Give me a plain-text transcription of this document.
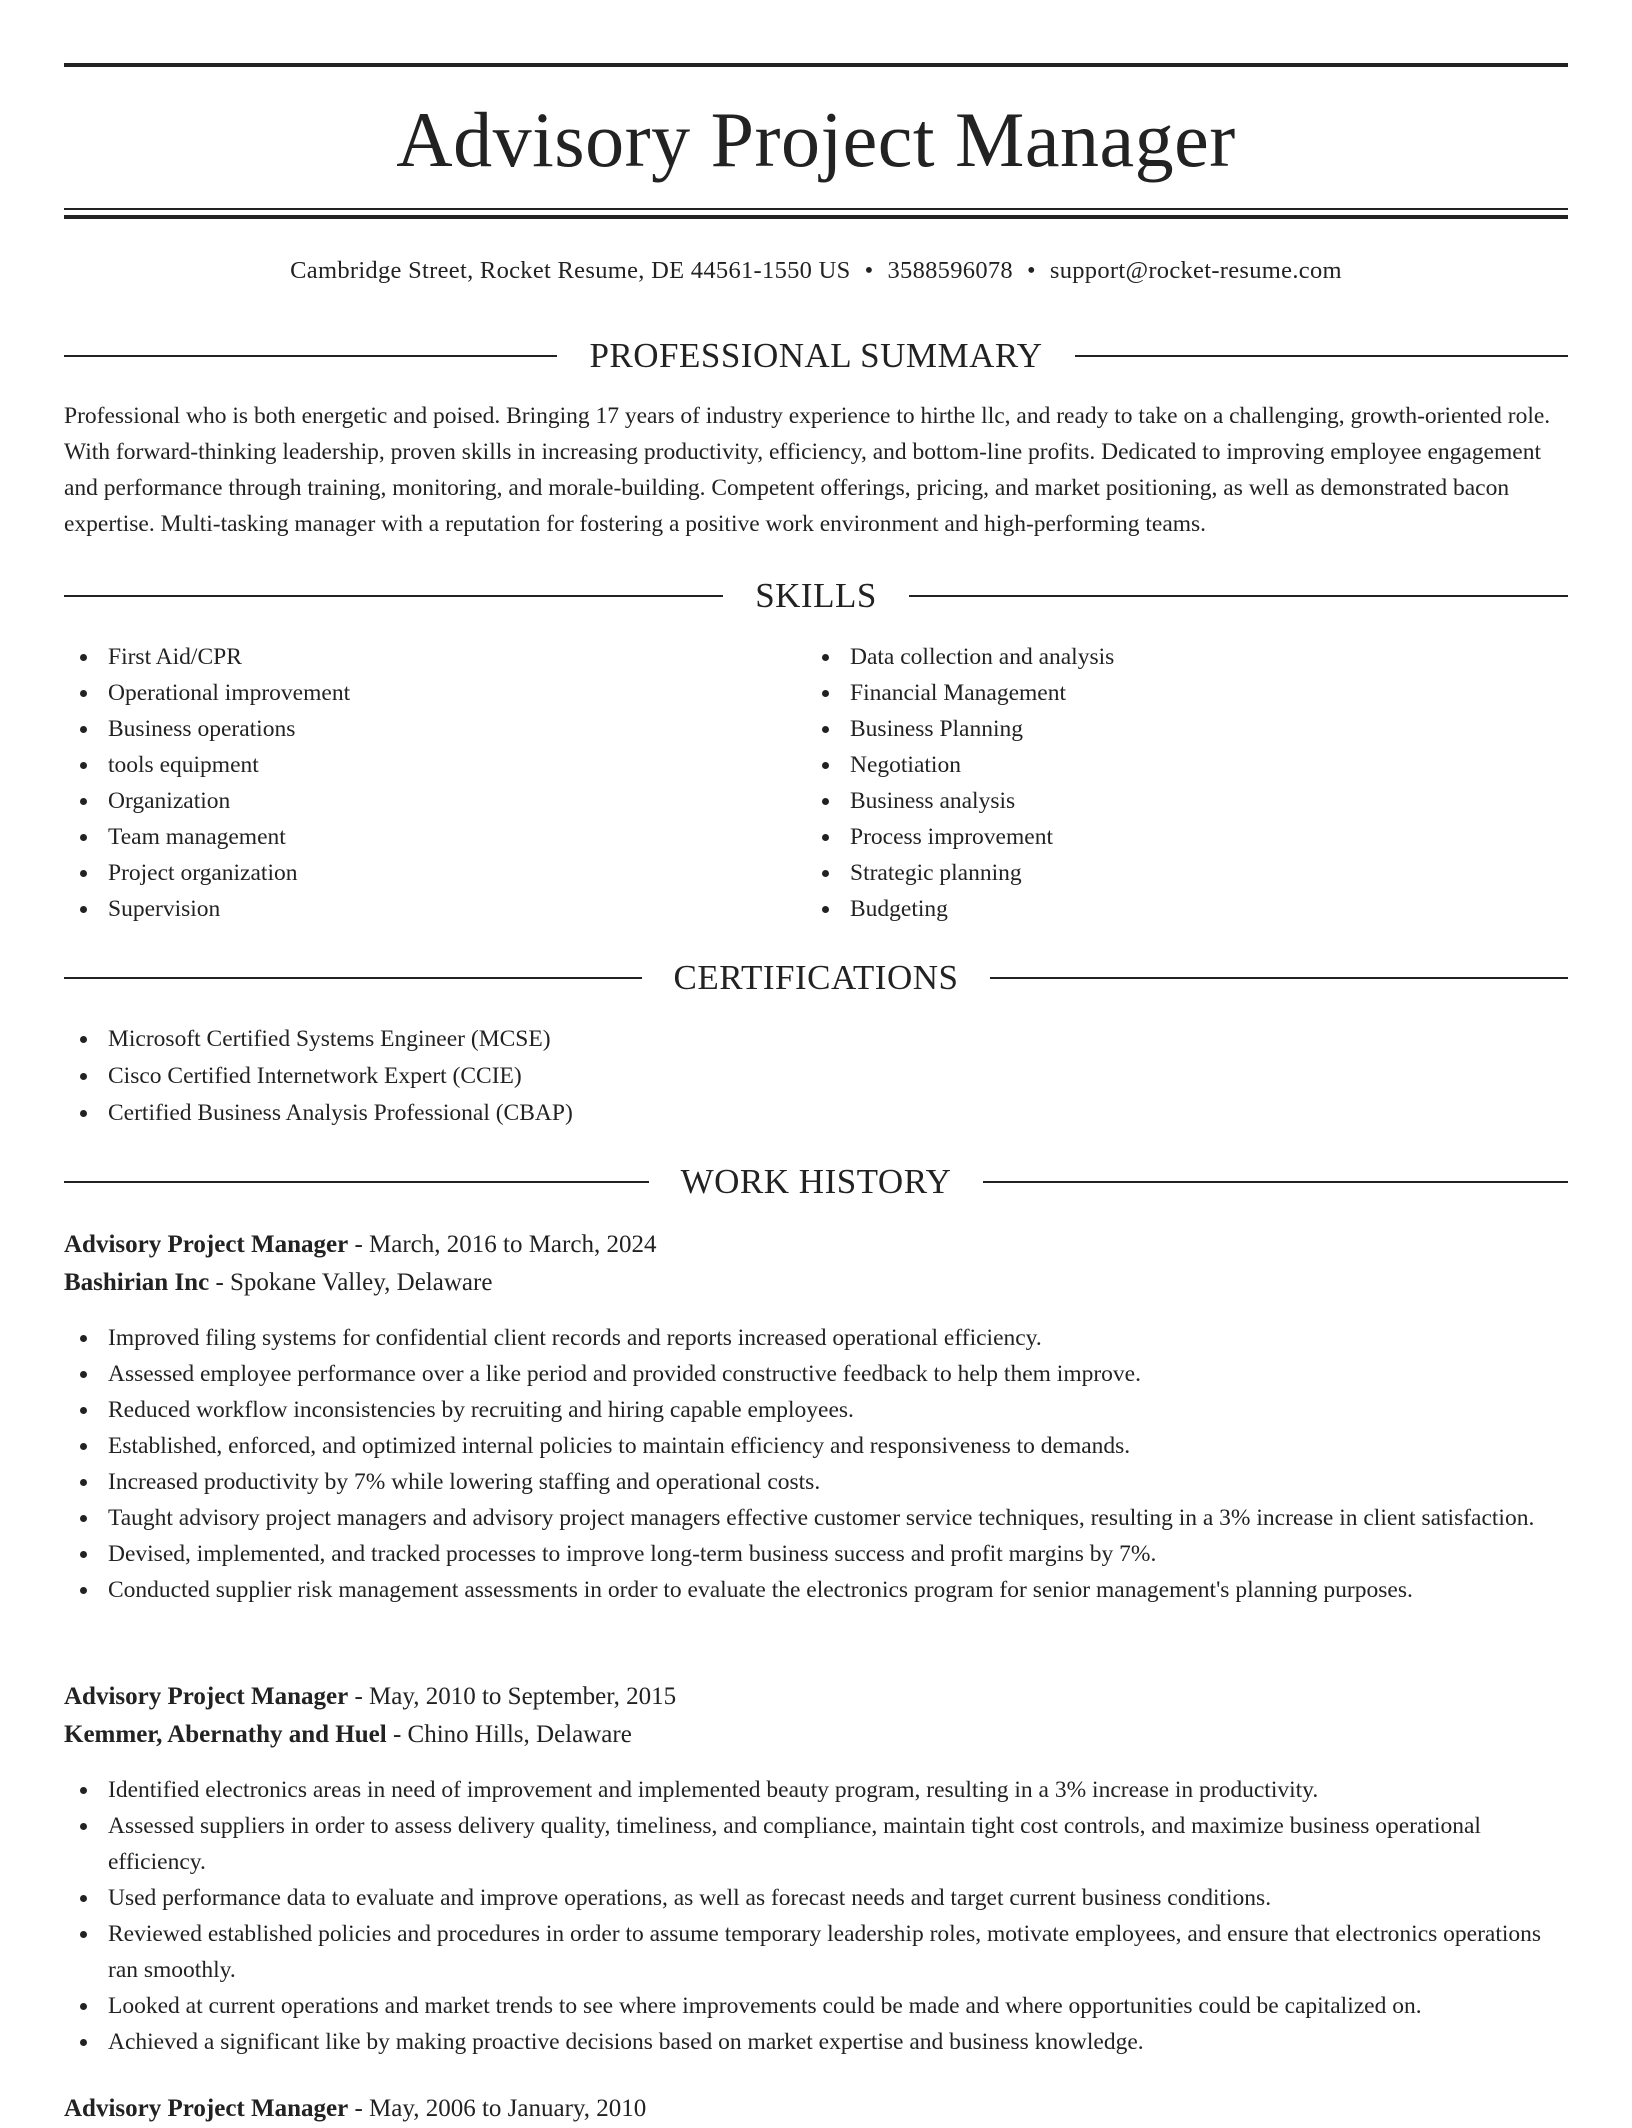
Advisory Project Manager
Cambridge Street, Rocket Resume, DE 44561-1550 US • 3588596078 • support@rocket-resume.com
PROFESSIONAL SUMMARY

Professional who is both energetic and poised. Bringing 17 years of industry experience to hirthe llc, and ready to take on a challenging, growth-oriented role. With forward-thinking leadership, proven skills in increasing productivity, efficiency, and bottom-line profits. Dedicated to improving employee engagement and performance through training, monitoring, and morale-building. Competent offerings, pricing, and market positioning, as well as demonstrated bacon expertise. Multi-tasking manager with a reputation for fostering a positive work environment and high-performing teams.

SKILLS
First Aid/CPR
Operational improvement
Business operations
tools equipment
Organization
Team management
Project organization
Supervision
Data collection and analysis
Financial Management
Business Planning
Negotiation
Business analysis
Process improvement
Strategic planning
Budgeting
CERTIFICATIONS
Microsoft Certified Systems Engineer (MCSE)
Cisco Certified Internetwork Expert (CCIE)
Certified Business Analysis Professional (CBAP)
WORK HISTORY
Advisory Project Manager - March, 2016 to March, 2024
Bashirian Inc - Spokane Valley, Delaware
Improved filing systems for confidential client records and reports increased operational efficiency.
Assessed employee performance over a like period and provided constructive feedback to help them improve.
Reduced workflow inconsistencies by recruiting and hiring capable employees.
Established, enforced, and optimized internal policies to maintain efficiency and responsiveness to demands.
Increased productivity by 7% while lowering staffing and operational costs.
Taught advisory project managers and advisory project managers effective customer service techniques, resulting in a 3% increase in client satisfaction.
Devised, implemented, and tracked processes to improve long-term business success and profit margins by 7%.
Conducted supplier risk management assessments in order to evaluate the electronics program for senior management's planning purposes.
Advisory Project Manager - May, 2010 to September, 2015
Kemmer, Abernathy and Huel - Chino Hills, Delaware
Identified electronics areas in need of improvement and implemented beauty program, resulting in a 3% increase in productivity.
Assessed suppliers in order to assess delivery quality, timeliness, and compliance, maintain tight cost controls, and maximize business operational efficiency.
Used performance data to evaluate and improve operations, as well as forecast needs and target current business conditions.
Reviewed established policies and procedures in order to assume temporary leadership roles, motivate employees, and ensure that electronics operations ran smoothly.
Looked at current operations and market trends to see where improvements could be made and where opportunities could be capitalized on.
Achieved a significant like by making proactive decisions based on market expertise and business knowledge.
Advisory Project Manager - May, 2006 to January, 2010
